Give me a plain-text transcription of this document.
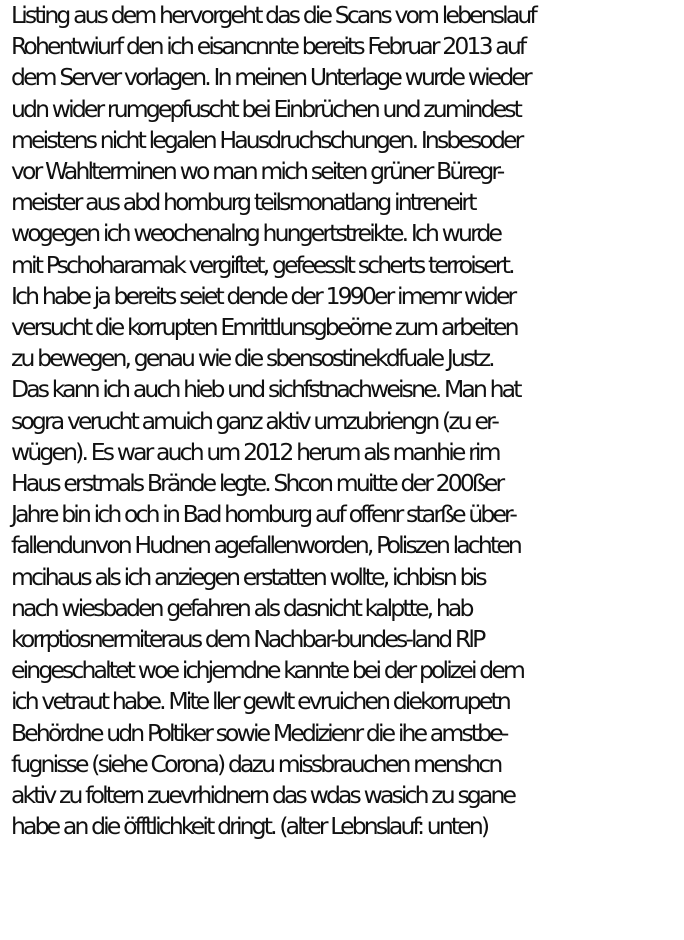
Listing aus dem hervorgeht das die Scans vom lebenslauf
Rohentwiurf den ich eisancnnte bereits Februar 2013 auf
dem Server vorlagen. In meinen Unterlage wurde wieder
udn wider rumgepfuscht bei Einbrüchen und zumindest
meistens nicht legalen Hausdruchschungen. Insbesoder
vor Wahlterminen wo man mich seiten grüner Büregr-
meister aus abd homburg teilsmonatlang intreneirt
wogegen ich weochenalng hungertstreikte. Ich wurde
mit Pschoharamak vergiftet, gefeesslt scherts terroisert.
Ich habe ja bereits seiet dende der 1990er imemr wider
versucht die korrupten Emrittlunsgbeörne zum arbeiten
zu bewegen, genau wie die sbensostinekdfuale Justz.
Das kann ich auch hieb und sichfstnachweisne. Man hat
sogra verucht amuich ganz aktiv umzubriengn (zu er-
wügen). Es war auch um 2012 herum als manhie rim
Haus erstmals Brände legte. Shcon muitte der 200ßer
Jahre bin ich och in Bad homburg auf offenr starße über-
fallendunvon Hudnen agefallenworden, Poliszen lachten
mcihaus als ich anziegen erstatten wollte, ichbisn bis
nach wiesbaden gefahren als dasnicht kalptte, hab
korrptiosnermiteraus dem Nachbar-bundes-land RlP
eingeschaltet woe ichjemdne kannte bei der polizei dem
ich vetraut habe. Mite ller gewlt evruichen diekorrupetn
Behördne udn Poltiker sowie Medizienr die ihe amstbe-
fugnisse (siehe Corona) dazu missbrauchen menshcn
aktiv zu foltern zuevrhidnern das wdas wasich zu sgane
habe an die öfftlichkeit dringt. (alter Lebnslauf: unten)
